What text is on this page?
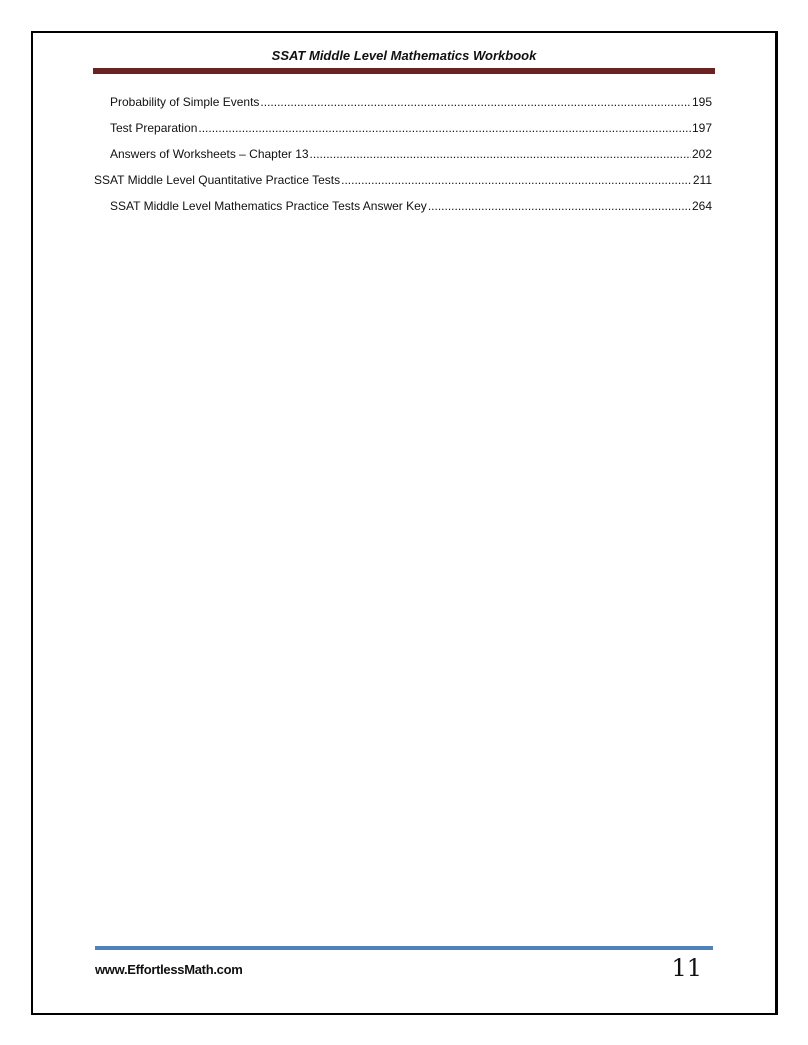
SSAT Middle Level Mathematics Workbook
Probability of Simple Events .....	195
Test Preparation .....	197
Answers of Worksheets – Chapter 13 .....	202
SSAT Middle Level Quantitative Practice Tests .....	211
SSAT Middle Level Mathematics Practice Tests Answer Key .....	264
www.EffortlessMath.com	11
